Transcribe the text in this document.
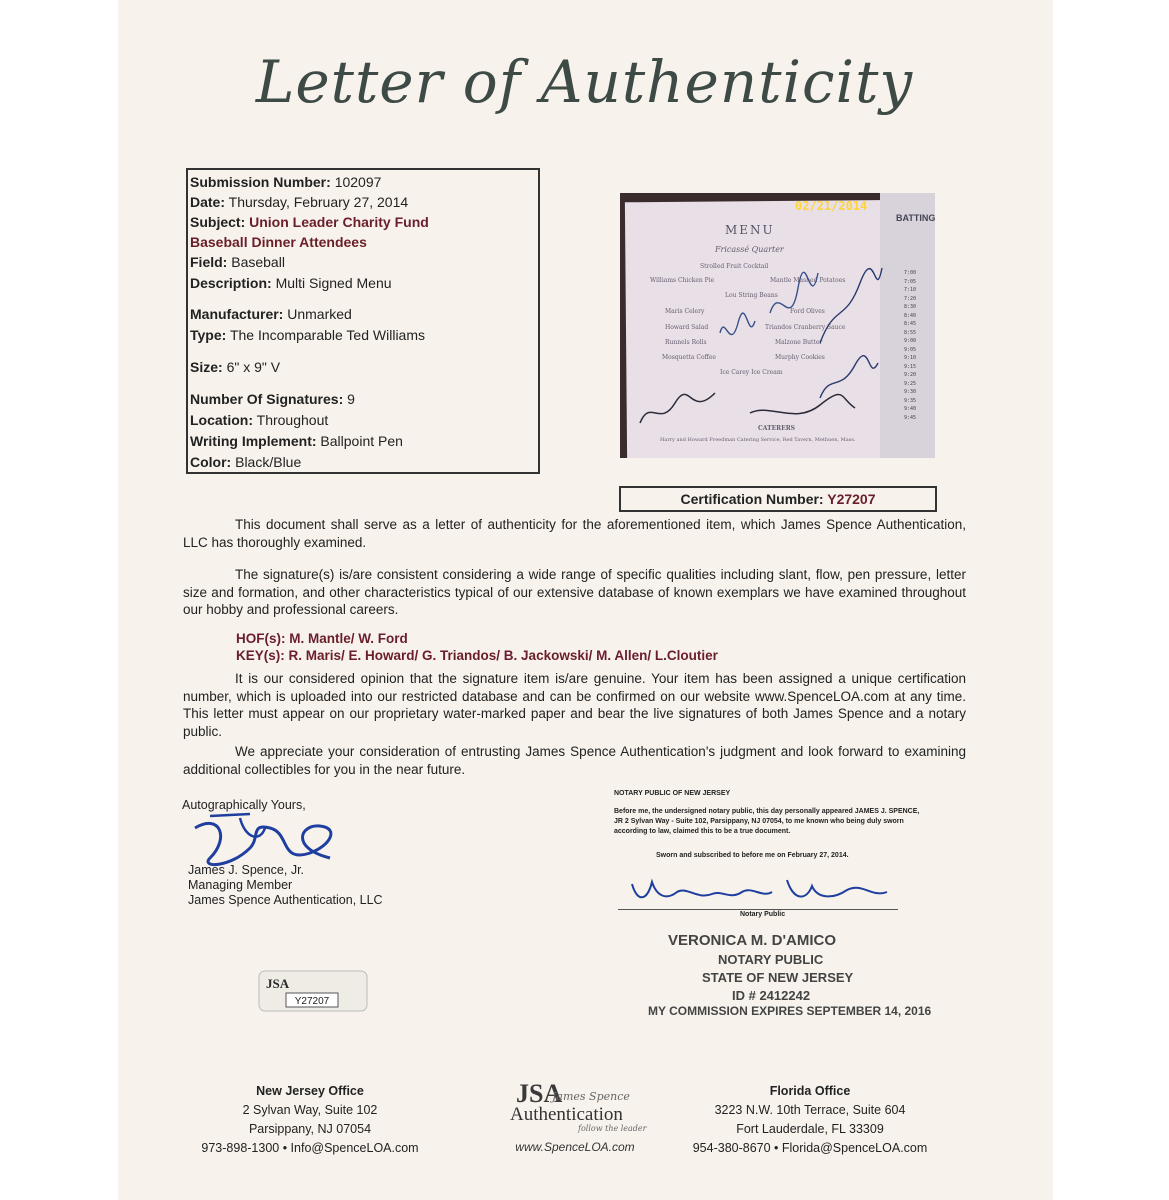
Letter of Authenticity
Submission Number: 102097
Date: Thursday, February 27, 2014
Subject: Union Leader Charity Fund
Baseball Dinner Attendees
Field: Baseball
Description: Multi Signed Menu
Manufacturer: Unmarked
Type: The Incomparable Ted Williams
Size: 6" x 9" V
Number Of Signatures: 9
Location: Throughout
Writing Implement: Ballpoint Pen
Color: Black/Blue
02/21/2014
MENU
BATTING
Fricassé Quarter
Strolled Fruit Cocktail
Williams Chicken Pie	Mantle Mashed Potatoes
Lou String Beans
Maris Celery	Ford Olives
Howard Salad	Triandos Cranberry Sauce
Runnels Rolls	Malzone Butter
Mosquetta Coffee	Murphy Cookies
Ice Carey Ice Cream
CATERERS
Harry and Howard Freedman Catering Service, Red Tavern, Methuen, Mass.
7:00
7:05
7:10
7:20
8:30
8:40
8:45
8:55
9:00
9:05
9:10
9:15
9:20
9:25
9:30
9:35
9:40
9:45
Certification Number: Y27207
This document shall serve as a letter of authenticity for the aforementioned item, which James Spence Authentication, LLC has thoroughly examined.
The signature(s) is/are consistent considering a wide range of specific qualities including slant, flow, pen pressure, letter size and formation, and other characteristics typical of our extensive database of known exemplars we have examined throughout our hobby and professional careers.
HOF(s): M. Mantle/ W. Ford
KEY(s): R. Maris/ E. Howard/ G. Triandos/ B. Jackowski/ M. Allen/ L.Cloutier
It is our considered opinion that the signature item is/are genuine. Your item has been assigned a unique certification number, which is uploaded into our restricted database and can be confirmed on our website www.SpenceLOA.com at any time. This letter must appear on our proprietary water-marked paper and bear the live signatures of both James Spence and a notary public.
We appreciate your consideration of entrusting James Spence Authentication's judgment and look forward to examining additional collectibles for you in the near future.
Autographically Yours,
James J. Spence, Jr.
Managing Member
James Spence Authentication, LLC
JSA
Y27207
NOTARY PUBLIC OF NEW JERSEY
Before me, the undersigned notary public, this day personally appeared JAMES J. SPENCE, JR 2 Sylvan Way - Suite 102, Parsippany, NJ 07054, to me known who being duly sworn according to law, claimed this to be a true document.
Sworn and subscribed to before me on February 27, 2014.
Notary Public
VERONICA M. D'AMICO
NOTARY PUBLIC
STATE OF NEW JERSEY
ID # 2412242
MY COMMISSION EXPIRES SEPTEMBER 14, 2016
New Jersey Office
2 Sylvan Way, Suite 102
Parsippany, NJ 07054
973-898-1300 • Info@SpenceLOA.com
JSA
James Spence
Authentication
follow the leader
www.SpenceLOA.com
Florida Office
3223 N.W. 10th Terrace, Suite 604
Fort Lauderdale, FL 33309
954-380-8670 • Florida@SpenceLOA.com
